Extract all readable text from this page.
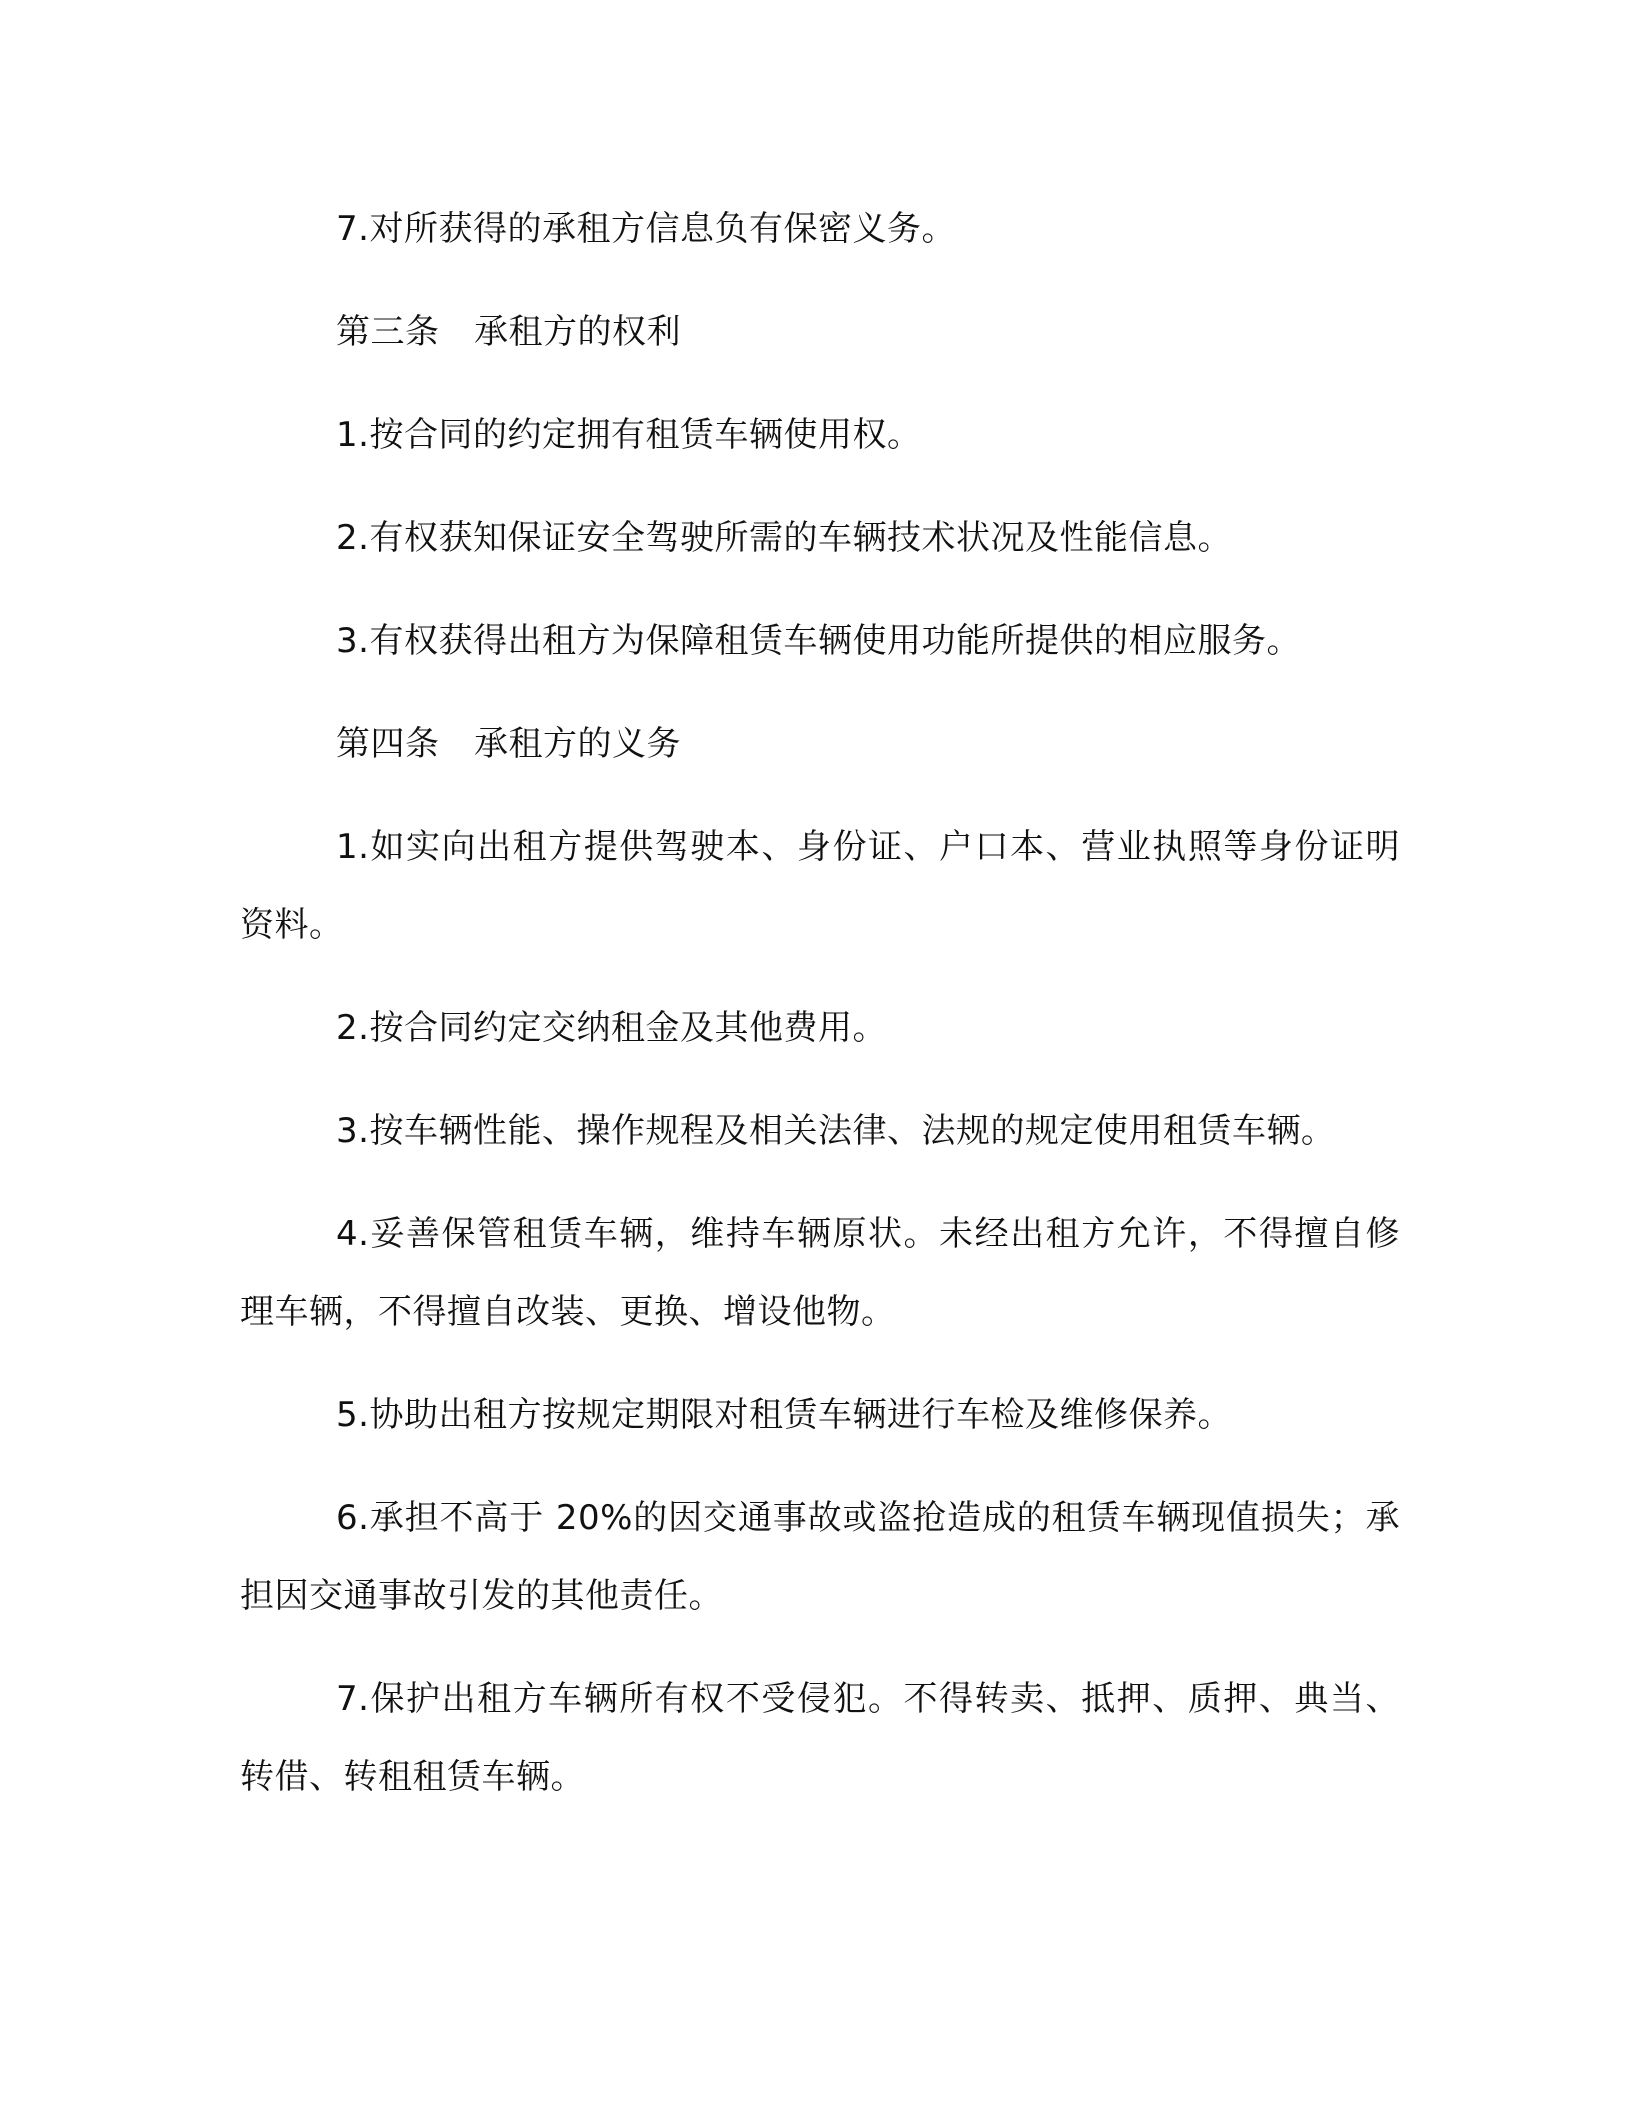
7.对所获得的承租方信息负有保密义务。

第三条　承租方的权利

1.按合同的约定拥有租赁车辆使用权。

2.有权获知保证安全驾驶所需的车辆技术状况及性能信息。

3.有权获得出租方为保障租赁车辆使用功能所提供的相应服务。

第四条　承租方的义务

1.如实向出租方提供驾驶本、身份证、户口本、营业执照等身份证明资料。

2.按合同约定交纳租金及其他费用。

3.按车辆性能、操作规程及相关法律、法规的规定使用租赁车辆。

4.妥善保管租赁车辆，维持车辆原状。未经出租方允许，不得擅自修理车辆，不得擅自改装、更换、增设他物。

5.协助出租方按规定期限对租赁车辆进行车检及维修保养。

6.承担不高于 20%的因交通事故或盗抢造成的租赁车辆现值损失；承担因交通事故引发的其他责任。

7.保护出租方车辆所有权不受侵犯。不得转卖、抵押、质押、典当、转借、转租租赁车辆。
